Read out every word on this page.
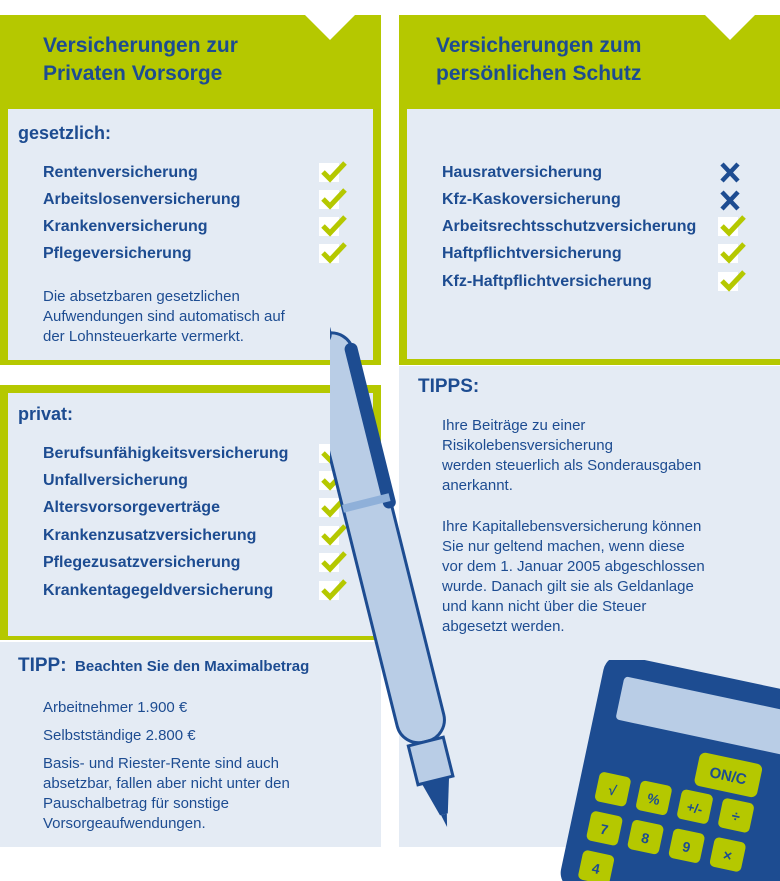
Versicherungen zur
Privaten Vorsorge
gesetzlich:
Rentenversicherung
Arbeitslosenversicherung
Krankenversicherung
Pflegeversicherung
Die absetzbaren gesetzlichen
Aufwendungen sind automatisch auf
der Lohnsteuerkarte vermerkt.
privat:
Berufsunfähigkeitsversicherung
Unfallversicherung
Altersvorsorgeverträge
Krankenzusatzversicherung
Pflegezusatzversicherung
Krankentagegeldversicherung
TIPP: Beachten Sie den Maximalbetrag
Arbeitnehmer 1.900 €
Selbstständige 2.800 €
Basis- und Riester-Rente sind auch
absetzbar, fallen aber nicht unter den
Pauschalbetrag für sonstige
Vorsorgeaufwendungen.
Versicherungen zum
persönlichen Schutz
Hausratversicherung
Kfz-Kaskoversicherung
Arbeitsrechtsschutzversicherung
Haftpflichtversicherung
Kfz-Haftpflichtversicherung
TIPPS:
Ihre Beiträge zu einer
Risikolebensversicherung
werden steuerlich als Sonderausgaben
anerkannt.
Ihre Kapitallebensversicherung können
Sie nur geltend machen, wenn diese
vor dem 1. Januar 2005 abgeschlossen
wurde. Danach gilt sie als Geldanlage
und kann nicht über die Steuer
abgesetzt werden.
ON/C
√ %
+/- ÷
7
8
9 ×
4
